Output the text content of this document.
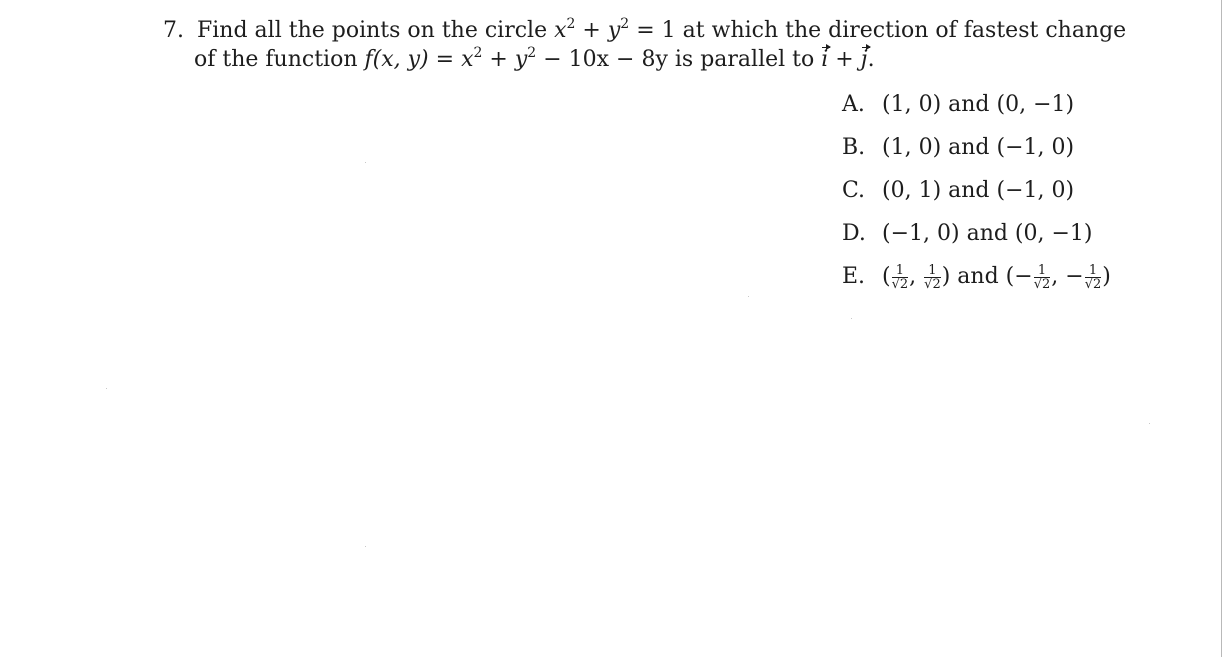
7. Find all the points on the circle $x^2 + y^2 = 1$ at which the direction of fastest change
of the function f(x, $y) = x^2 + y^2 - 10x - 8y$ is parallel to i + j.
A. (1, 0) and (0, −1)
B. (1, 0) and (−1, 0)
C. (0, 1) and (−1, 0)
D. (−1, 0) and (0, −1)
E. ( $\frac{1}{√2}$ , $\frac{1}{√2}$ ) and (− $\frac{1}{√2}$ , − $\frac{1}{√2}$ )
